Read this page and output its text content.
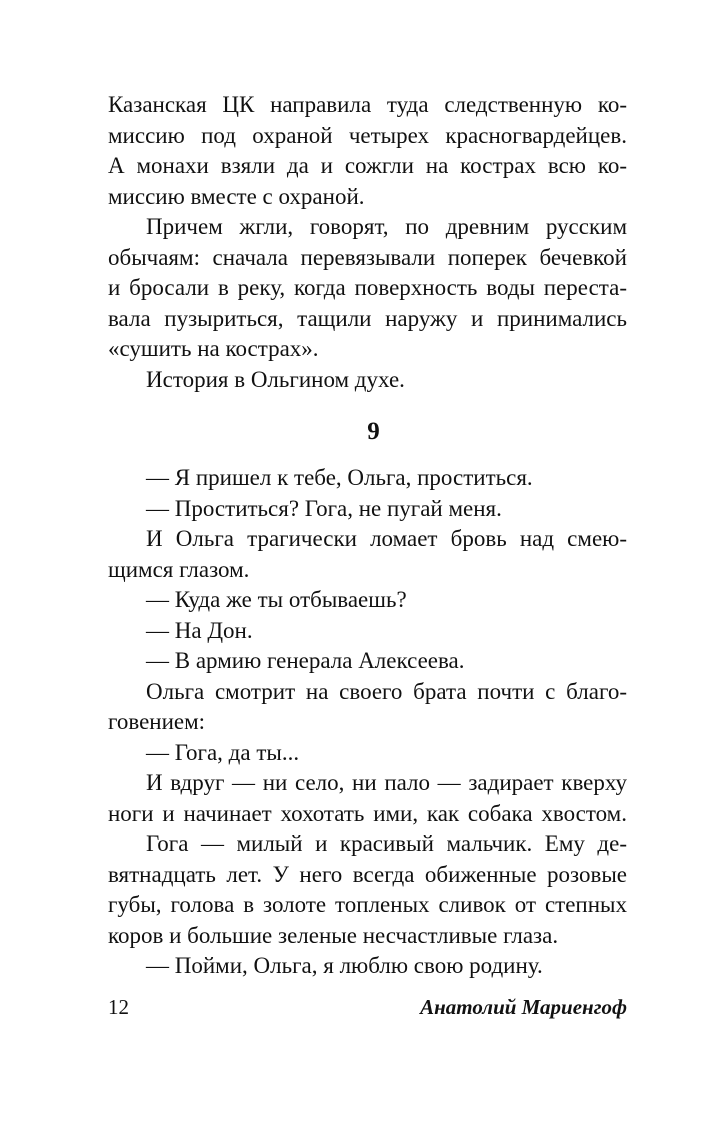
Казанская ЦК направила туда следственную ко-
миссию под охраной четырех красногвардейцев.
А монахи взяли да и сожгли на кострах всю ко-
миссию вместе с охраной.
Причем жгли, говорят, по древним русским
обычаям: сначала перевязывали поперек бечевкой
и бросали в реку, когда поверхность воды переста-
вала пузыриться, тащили наружу и принимались
«сушить на кострах».
История в Ольгином духе.
9
— Я пришел к тебе, Ольга, проститься.
— Проститься? Гога, не пугай меня.
И Ольга трагически ломает бровь над смею-
щимся глазом.
— Куда же ты отбываешь?
— На Дон.
— В армию генерала Алексеева.
Ольга смотрит на своего брата почти с благо-
говением:
— Гога, да ты...
И вдруг — ни село, ни пало — задирает кверху
ноги и начинает хохотать ими, как собака хвостом.
Гога — милый и красивый мальчик. Ему де-
вятнадцать лет. У него всегда обиженные розовые
губы, голова в золоте топленых сливок от степных
коров и большие зеленые несчастливые глаза.
— Пойми, Ольга, я люблю свою родину.
12	Анатолий Мариенгоф
